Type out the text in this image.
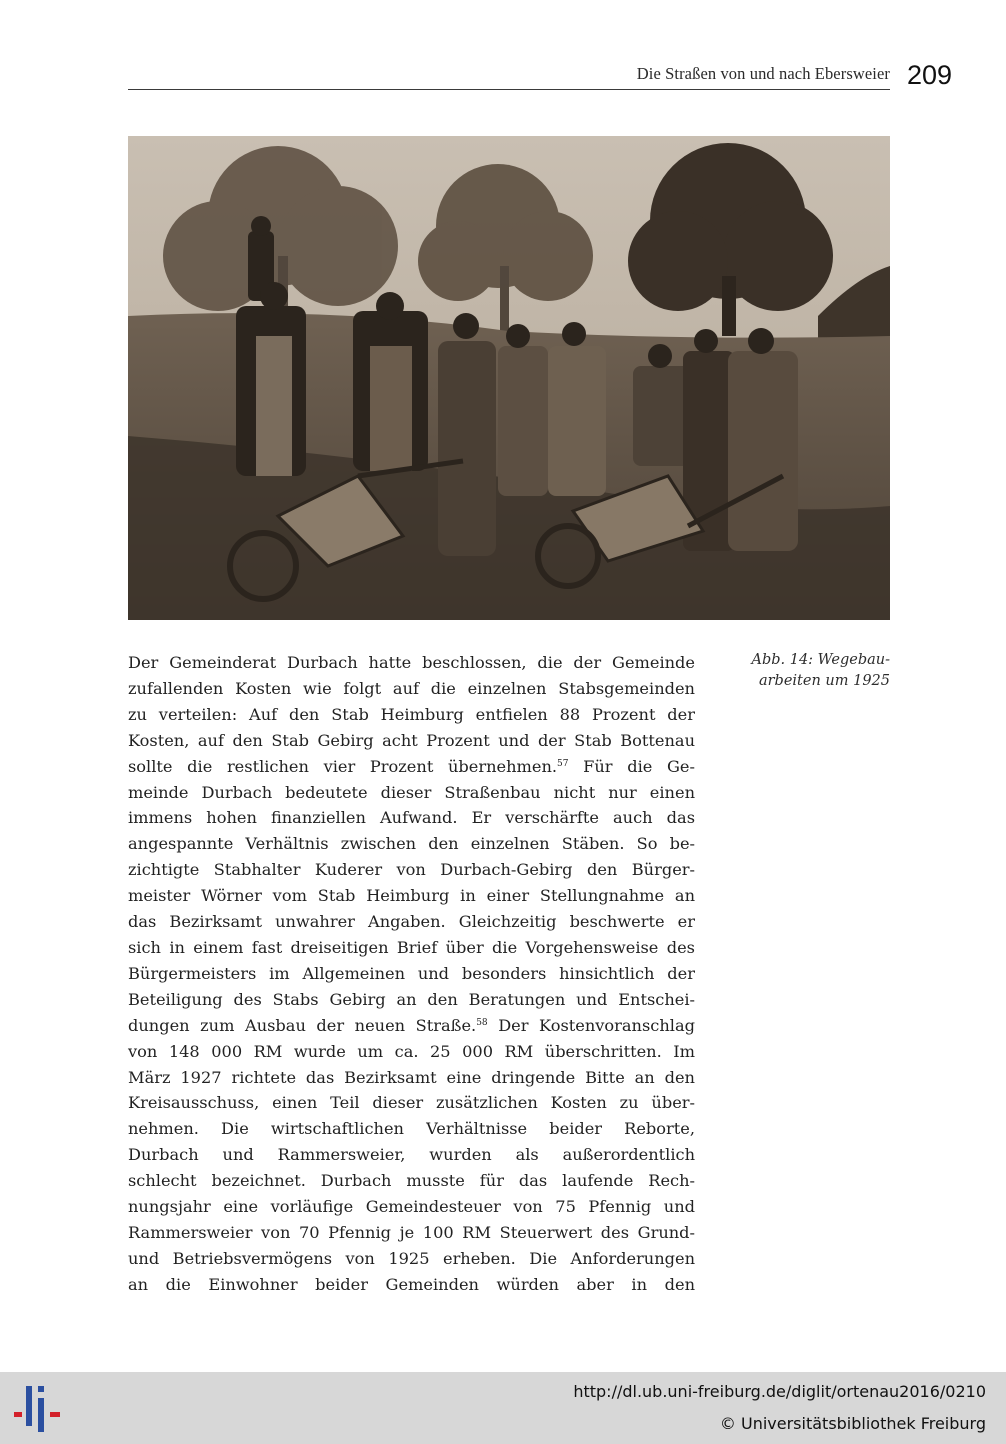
Die Straßen von und nach Ebersweier 209
Abb. 14: Wegebau-
arbeiten um 1925
Der Gemeinderat Durbach hatte beschlossen, die der Gemeinde
zufallenden Kosten wie folgt auf die einzelnen Stabsgemeinden
zu verteilen: Auf den Stab Heimburg entfielen 88 Prozent der
Kosten, auf den Stab Gebirg acht Prozent und der Stab Bottenau
sollte die restlichen vier Prozent übernehmen.$^{57}$ Für die Ge-
meinde Durbach bedeutete dieser Straßenbau nicht nur einen
immens hohen finanziellen Aufwand. Er verschärfte auch das
angespannte Verhältnis zwischen den einzelnen Stäben. So be-
zichtigte Stabhalter Kuderer von Durbach-Gebirg den Bürger-
meister Wörner vom Stab Heimburg in einer Stellungnahme an
das Bezirksamt unwahrer Angaben. Gleichzeitig beschwerte er
sich in einem fast dreiseitigen Brief über die Vorgehensweise des
Bürgermeisters im Allgemeinen und besonders hinsichtlich der
Beteiligung des Stabs Gebirg an den Beratungen und Entschei-
dungen zum Ausbau der neuen Straße.$^{58}$ Der Kostenvoranschlag
von 148 000 RM wurde um ca. 25 000 RM überschritten. Im
März 1927 richtete das Bezirksamt eine dringende Bitte an den
Kreisausschuss, einen Teil dieser zusätzlichen Kosten zu über-
nehmen. Die wirtschaftlichen Verhältnisse beider Reborte,
Durbach und Rammersweier, wurden als außerordentlich
schlecht bezeichnet. Durbach musste für das laufende Rech-
nungsjahr eine vorläufige Gemeindesteuer von 75 Pfennig und
Rammersweier von 70 Pfennig je 100 RM Steuerwert des Grund-
und Betriebsvermögens von 1925 erheben. Die Anforderungen
an die Einwohner beider Gemeinden würden aber in den
http://dl.ub.uni-freiburg.de/diglit/ortenau2016/0210
© Universitätsbibliothek Freiburg
